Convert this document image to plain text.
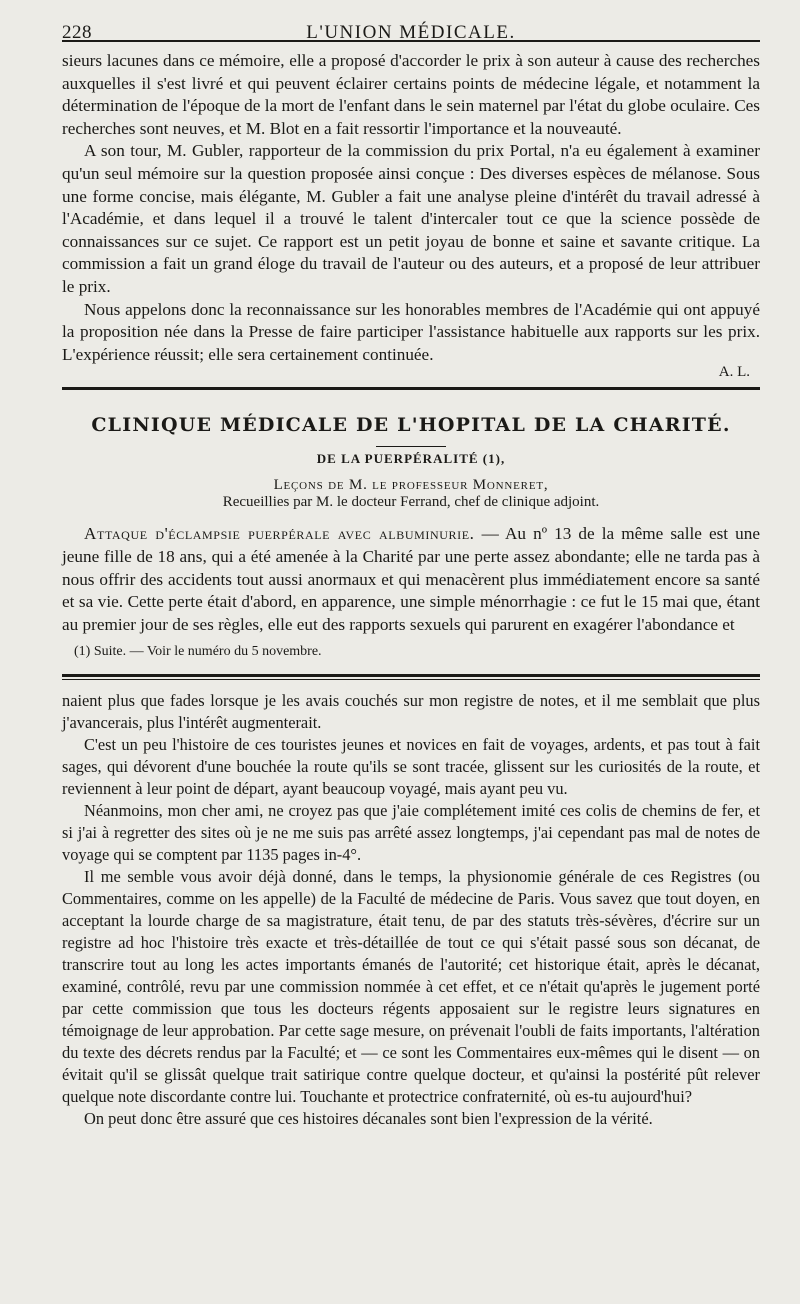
228	L'UNION MÉDICALE.

sieurs lacunes dans ce mémoire, elle a proposé d'accorder le prix à son auteur à cause des recherches auxquelles il s'est livré et qui peuvent éclairer certains points de médecine légale, et notamment la détermination de l'époque de la mort de l'enfant dans le sein maternel par l'état du globe oculaire. Ces recherches sont neuves, et M. Blot en a fait ressortir l'importance et la nouveauté.

A son tour, M. Gubler, rapporteur de la commission du prix Portal, n'a eu également à examiner qu'un seul mémoire sur la question proposée ainsi conçue : Des diverses espèces de mélanose. Sous une forme concise, mais élégante, M. Gubler a fait une analyse pleine d'intérêt du travail adressé à l'Académie, et dans lequel il a trouvé le talent d'intercaler tout ce que la science possède de connaissances sur ce sujet. Ce rapport est un petit joyau de bonne et saine et savante critique. La commission a fait un grand éloge du travail de l'auteur ou des auteurs, et a proposé de leur attribuer le prix.

Nous appelons donc la reconnaissance sur les honorables membres de l'Académie qui ont appuyé la proposition née dans la Presse de faire participer l'assistance habituelle aux rapports sur les prix. L'expérience réussit; elle sera certainement continuée.

A. L.
CLINIQUE MÉDICALE DE L'HOPITAL DE LA CHARITÉ.
DE LA PUERPÉRALITÉ (1),
Leçons de M. le professeur Monneret,
Recueillies par M. le docteur Ferrand, chef de clinique adjoint.

Attaque d'éclampsie puerpérale avec albuminurie. — Au nº 13 de la même salle est une jeune fille de 18 ans, qui a été amenée à la Charité par une perte assez abondante; elle ne tarda pas à nous offrir des accidents tout aussi anormaux et qui menacèrent plus immédiatement encore sa santé et sa vie. Cette perte était d'abord, en apparence, une simple ménorrhagie : ce fut le 15 mai que, étant au premier jour de ses règles, elle eut des rapports sexuels qui parurent en exagérer l'abondance et

(1) Suite. — Voir le numéro du 5 novembre.

naient plus que fades lorsque je les avais couchés sur mon registre de notes, et il me semblait que plus j'avancerais, plus l'intérêt augmenterait.

C'est un peu l'histoire de ces touristes jeunes et novices en fait de voyages, ardents, et pas tout à fait sages, qui dévorent d'une bouchée la route qu'ils se sont tracée, glissent sur les curiosités de la route, et reviennent à leur point de départ, ayant beaucoup voyagé, mais ayant peu vu.

Néanmoins, mon cher ami, ne croyez pas que j'aie complétement imité ces colis de chemins de fer, et si j'ai à regretter des sites où je ne me suis pas arrêté assez longtemps, j'ai cependant pas mal de notes de voyage qui se comptent par 1135 pages in-4°.

Il me semble vous avoir déjà donné, dans le temps, la physionomie générale de ces Registres (ou Commentaires, comme on les appelle) de la Faculté de médecine de Paris. Vous savez que tout doyen, en acceptant la lourde charge de sa magistrature, était tenu, de par des statuts très-sévères, d'écrire sur un registre ad hoc l'histoire très exacte et très-détaillée de tout ce qui s'était passé sous son décanat, de transcrire tout au long les actes importants émanés de l'autorité; cet historique était, après le décanat, examiné, contrôlé, revu par une commission nommée à cet effet, et ce n'était qu'après le jugement porté par cette commission que tous les docteurs régents apposaient sur le registre leurs signatures en témoignage de leur approbation. Par cette sage mesure, on prévenait l'oubli de faits importants, l'altération du texte des décrets rendus par la Faculté; et — ce sont les Commentaires eux-mêmes qui le disent — on évitait qu'il se glissât quelque trait satirique contre quelque docteur, et qu'ainsi la postérité pût relever quelque note discordante contre lui. Touchante et protectrice confraternité, où es-tu aujourd'hui?

On peut donc être assuré que ces histoires décanales sont bien l'expression de la vérité.
